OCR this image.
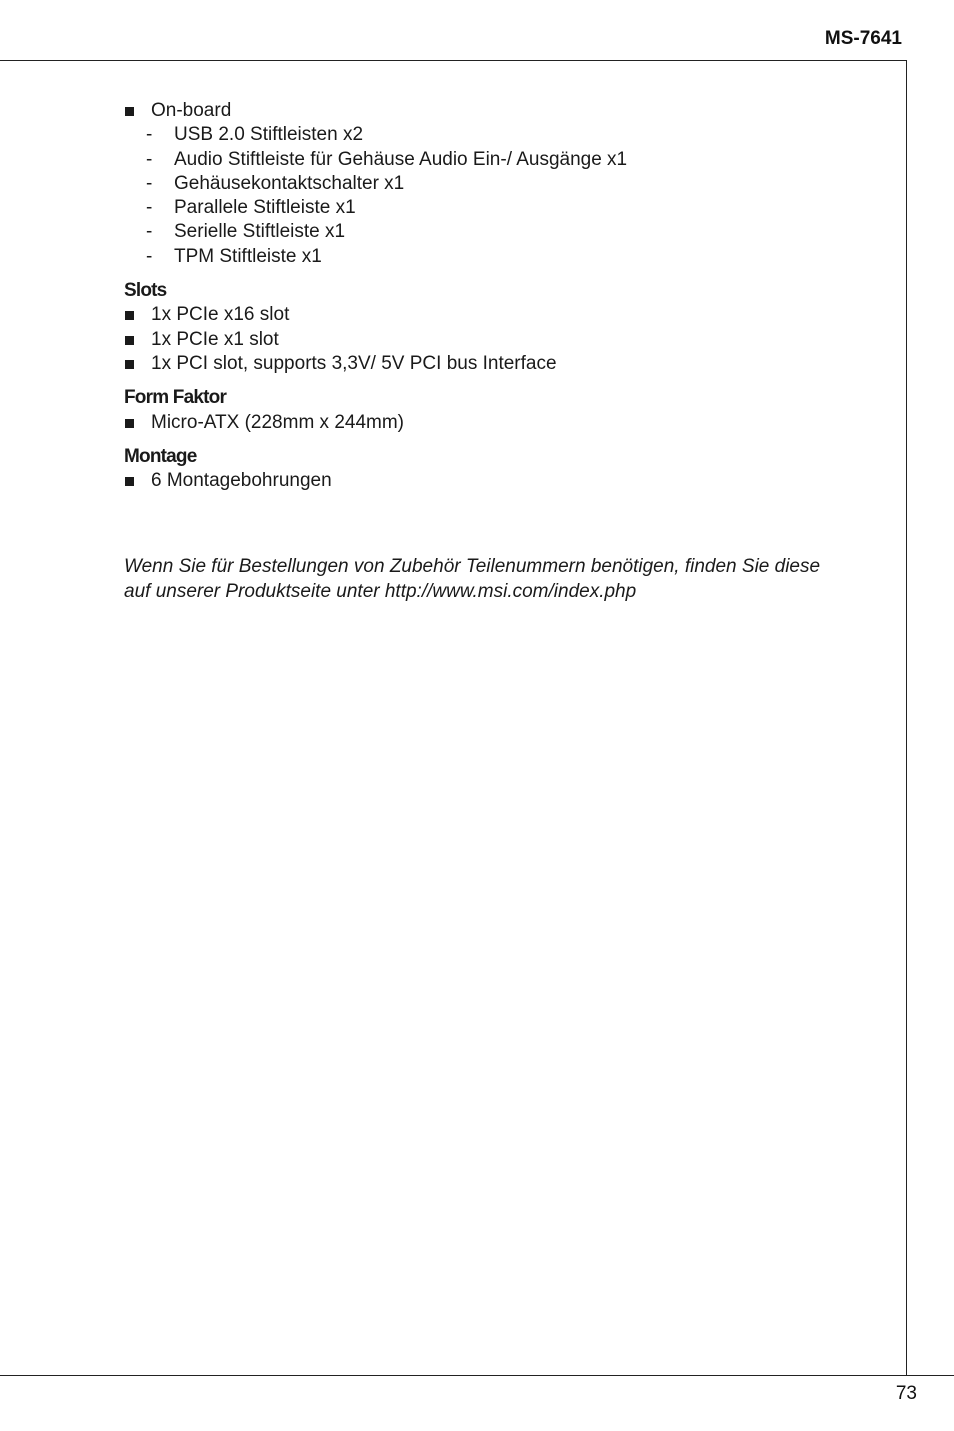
MS-7641
On-board
- USB 2.0 Stiftleisten x2
- Audio Stiftleiste für Gehäuse Audio Ein-/ Ausgänge x1
- Gehäusekontaktschalter x1
- Parallele Stiftleiste x1
- Serielle Stiftleiste x1
- TPM Stiftleiste x1
Slots
1x PCIe x16 slot
1x PCIe x1 slot
1x PCI slot, supports 3,3V/ 5V PCI bus Interface
Form Faktor
Micro-ATX (228mm x 244mm)
Montage
6 Montagebohrungen
Wenn Sie für Bestellungen von Zubehör Teilenummern benötigen, finden Sie diese auf unserer Produktseite unter http://www.msi.com/index.php
73
